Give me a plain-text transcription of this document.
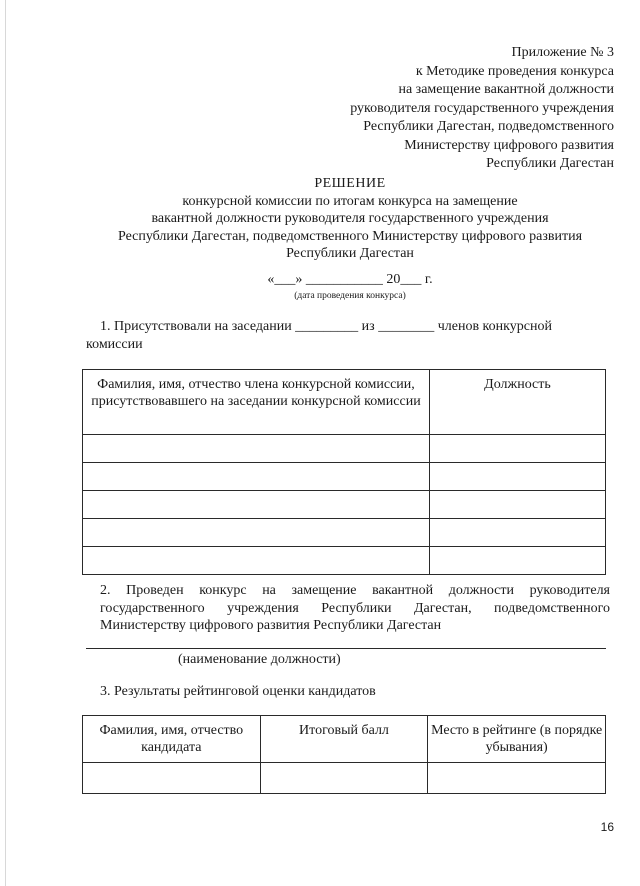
Приложение № 3
к Методике проведения конкурса
на замещение вакантной должности
руководителя государственного учреждения
Республики Дагестан, подведомственного
Министерству цифрового развития
Республики Дагестан
РЕШЕНИЕ
конкурсной комиссии по итогам конкурса на замещение
вакантной должности руководителя государственного учреждения
Республики Дагестан, подведомственного Министерству цифрового развития
Республики Дагестан
«___» ___________ 20___ г.
(дата проведения конкурса)
1. Присутствовали на заседании _________ из ________ членов конкурсной
комиссии
Фамилия, имя, отчество члена конкурсной комиссии, присутствовавшего на заседании конкурсной комиссии	Должность

2. Проведен конкурс на замещение вакантной должности руководителя государственного учреждения Республики Дагестан, подведомственного Министерству цифрового развития Республики Дагестан
(наименование должности)
3. Результаты рейтинговой оценки кандидатов
Фамилия, имя, отчество кандидата	Итоговый балл	Место в рейтинге (в порядке убывания)

16
